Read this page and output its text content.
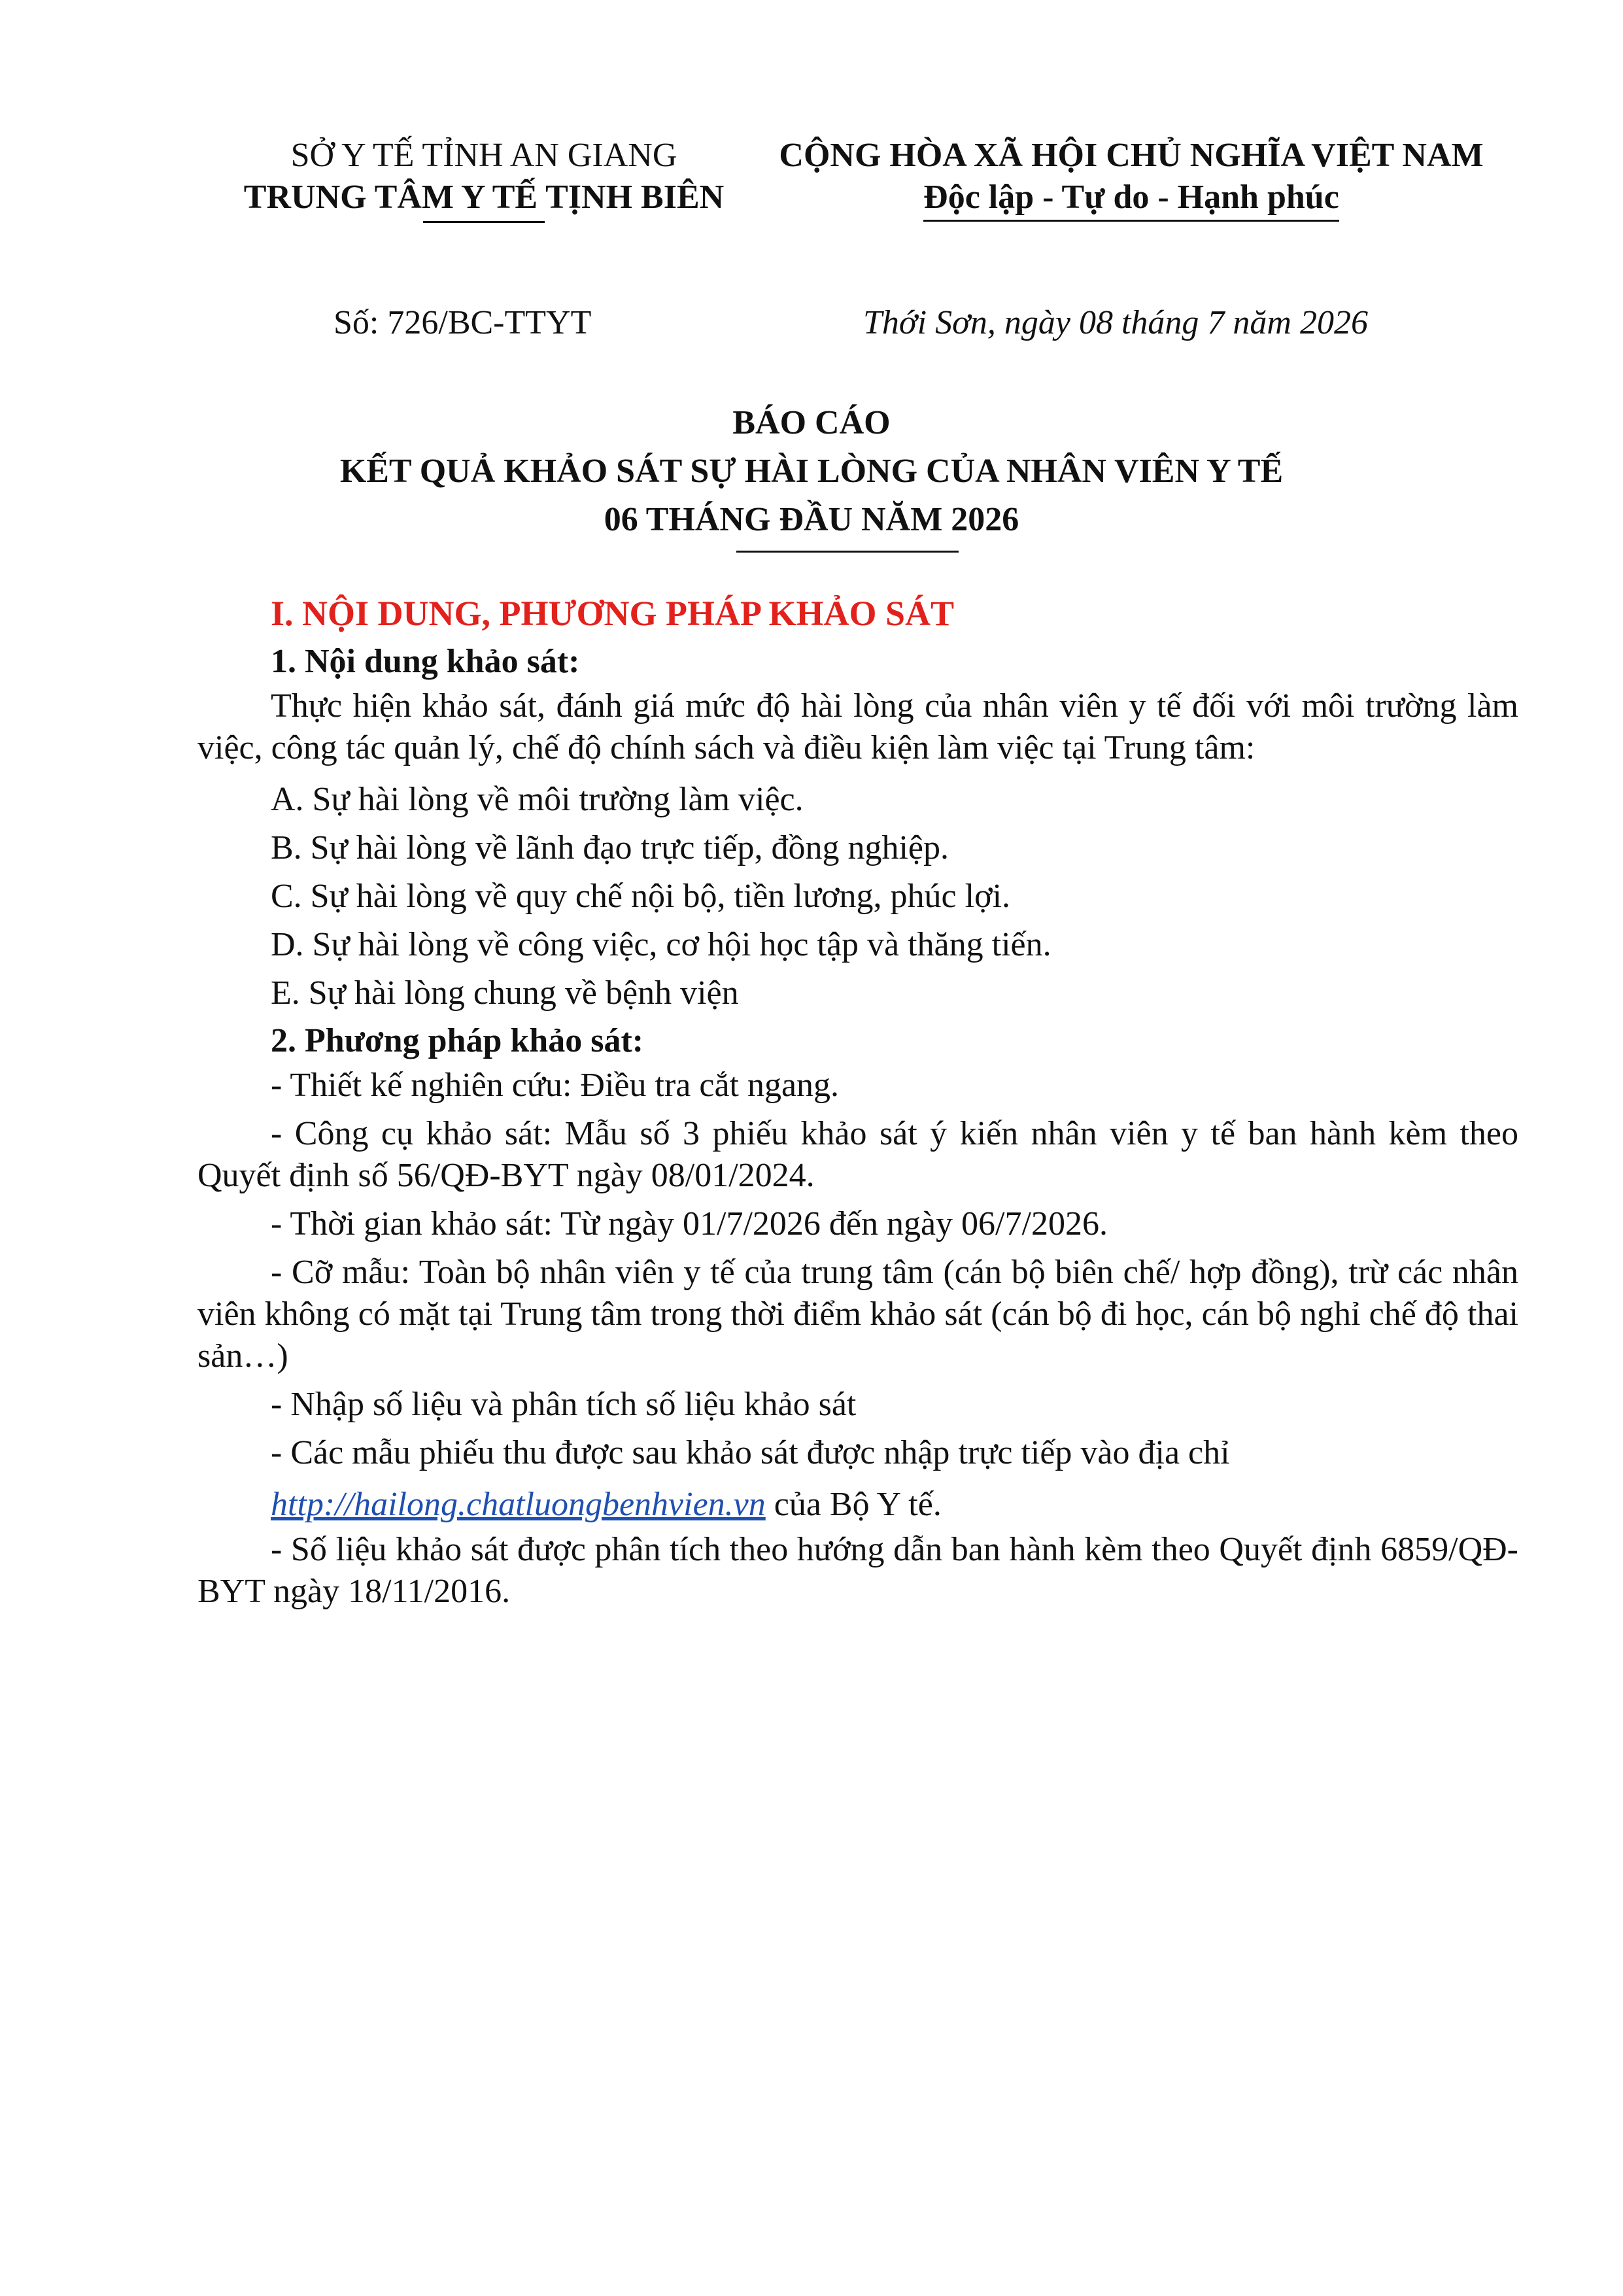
SỞ Y TẾ TỈNH AN GIANG
TRUNG TÂM Y TẾ TỊNH BIÊN
CỘNG HÒA XÃ HỘI CHỦ NGHĨA VIỆT NAM
Độc lập - Tự do - Hạnh phúc
Số: 726/BC-TTYT	Thới Sơn, ngày 08 tháng 7 năm 2026
BÁO CÁO
KẾT QUẢ KHẢO SÁT SỰ HÀI LÒNG CỦA NHÂN VIÊN Y TẾ
06 THÁNG ĐẦU NĂM 2026
I. NỘI DUNG, PHƯƠNG PHÁP KHẢO SÁT
1. Nội dung khảo sát:
Thực hiện khảo sát, đánh giá mức độ hài lòng của nhân viên y tế đối với môi trường làm việc, công tác quản lý, chế độ chính sách và điều kiện làm việc tại Trung tâm:
A. Sự hài lòng về môi trường làm việc.
B. Sự hài lòng về lãnh đạo trực tiếp, đồng nghiệp.
C. Sự hài lòng về quy chế nội bộ, tiền lương, phúc lợi.
D. Sự hài lòng về công việc, cơ hội học tập và thăng tiến.
E. Sự hài lòng chung về bệnh viện
2. Phương pháp khảo sát:
- Thiết kế nghiên cứu: Điều tra cắt ngang.
- Công cụ khảo sát: Mẫu số 3 phiếu khảo sát ý kiến nhân viên y tế ban hành kèm theo Quyết định số 56/QĐ-BYT ngày 08/01/2024.
- Thời gian khảo sát: Từ ngày 01/7/2026 đến ngày 06/7/2026.
- Cỡ mẫu: Toàn bộ nhân viên y tế của trung tâm (cán bộ biên chế/ hợp đồng), trừ các nhân viên không có mặt tại Trung tâm trong thời điểm khảo sát (cán bộ đi học, cán bộ nghỉ chế độ thai sản…)
- Nhập số liệu và phân tích số liệu khảo sát
- Các mẫu phiếu thu được sau khảo sát được nhập trực tiếp vào địa chỉ
http://hailong.chatluongbenhvien.vn của Bộ Y tế.
- Số liệu khảo sát được phân tích theo hướng dẫn ban hành kèm theo Quyết định 6859/QĐ-BYT ngày 18/11/2016.
